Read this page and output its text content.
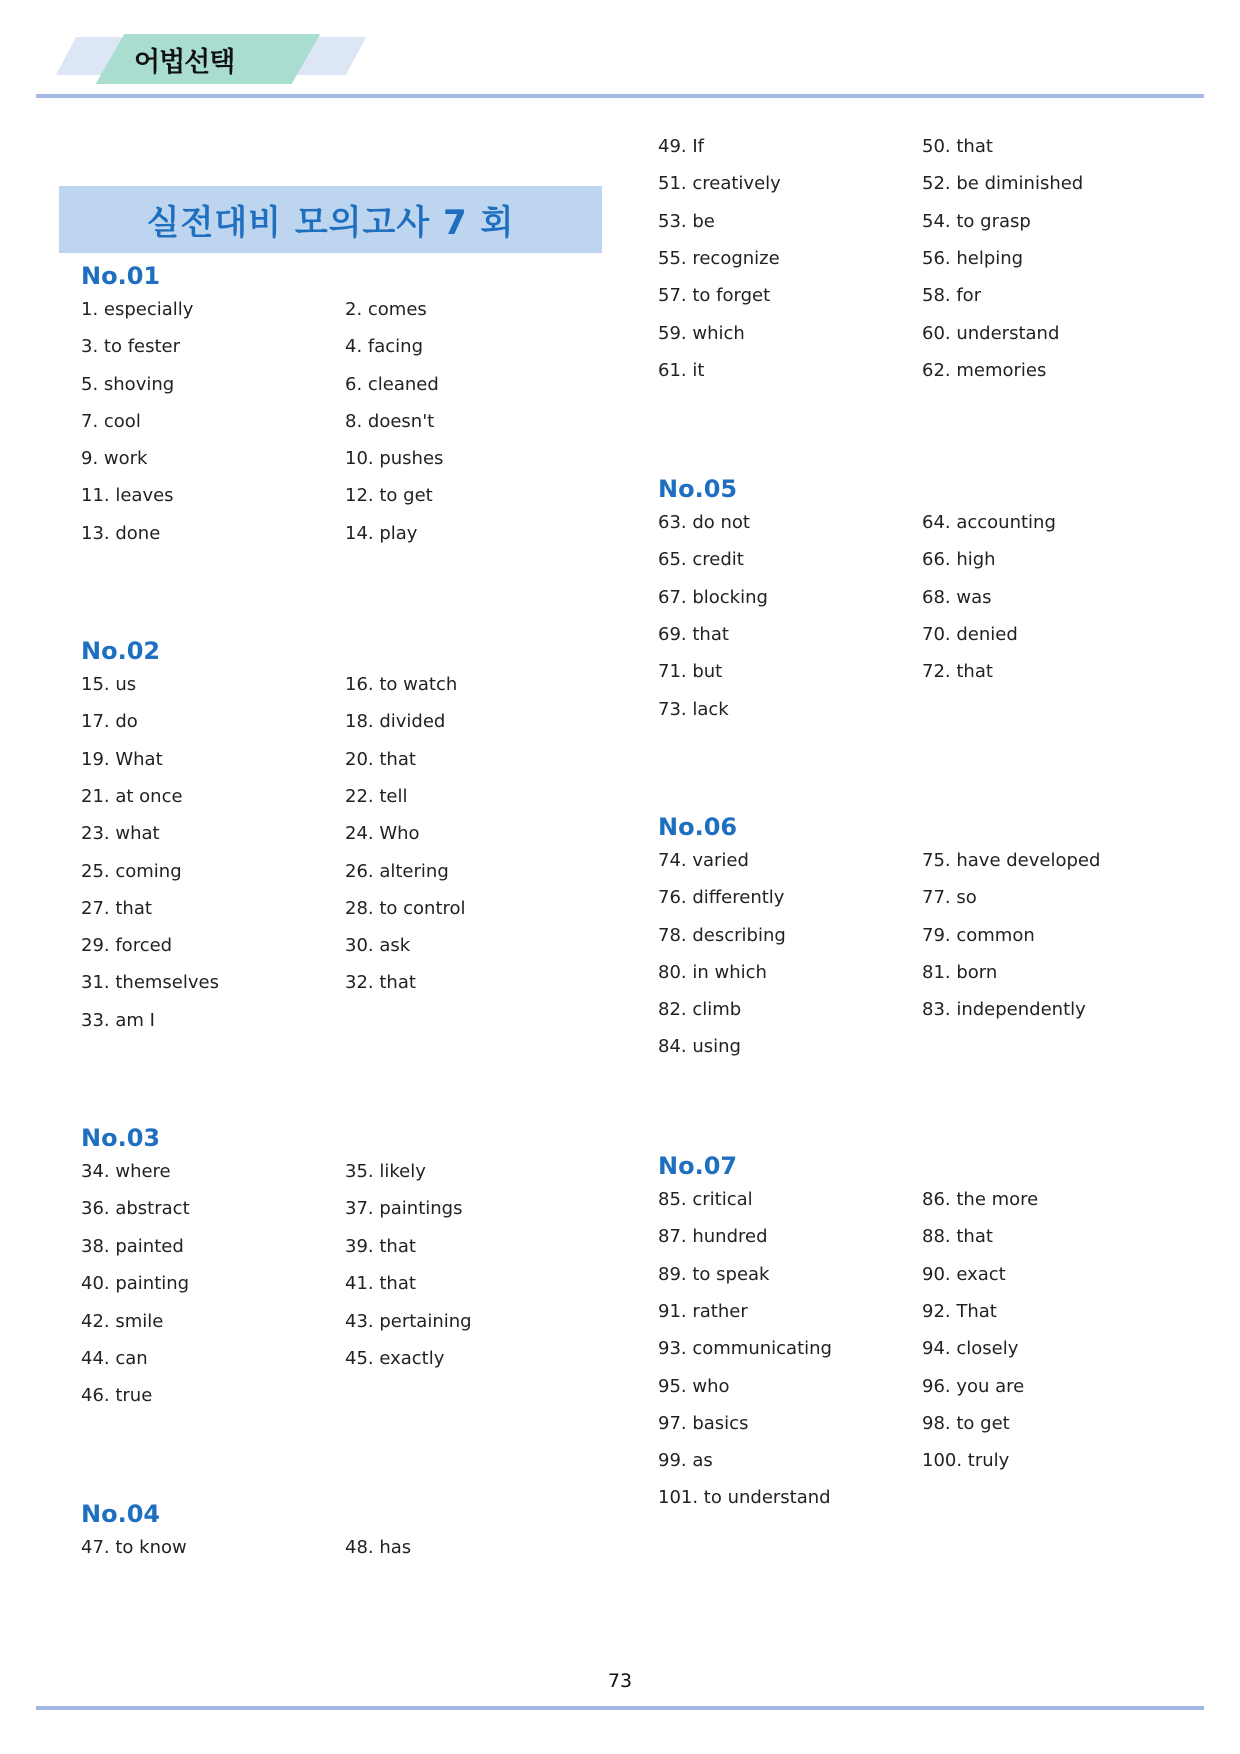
어법선택
실전대비 모의고사 7 회
No.01
1. especially	2. comes
3. to fester	4. facing
5. shoving	6. cleaned
7. cool	8. doesn't
9. work	10. pushes
11. leaves	12. to get
13. done	14. play
No.02
15. us	16. to watch
17. do	18. divided
19. What	20. that
21. at once	22. tell
23. what	24. Who
25. coming	26. altering
27. that	28. to control
29. forced	30. ask
31. themselves	32. that
33. am I
No.03
34. where	35. likely
36. abstract	37. paintings
38. painted	39. that
40. painting	41. that
42. smile	43. pertaining
44. can	45. exactly
46. true
No.04
47. to know	48. has
49. If	50. that
51. creatively	52. be diminished
53. be	54. to grasp
55. recognize	56. helping
57. to forget	58. for
59. which	60. understand
61. it	62. memories
No.05
63. do not	64. accounting
65. credit	66. high
67. blocking	68. was
69. that	70. denied
71. but	72. that
73. lack
No.06
74. varied	75. have developed
76. differently	77. so
78. describing	79. common
80. in which	81. born
82. climb	83. independently
84. using
No.07
85. critical	86. the more
87. hundred	88. that
89. to speak	90. exact
91. rather	92. That
93. communicating	94. closely
95. who	96. you are
97. basics	98. to get
99. as	100. truly
101. to understand
73
